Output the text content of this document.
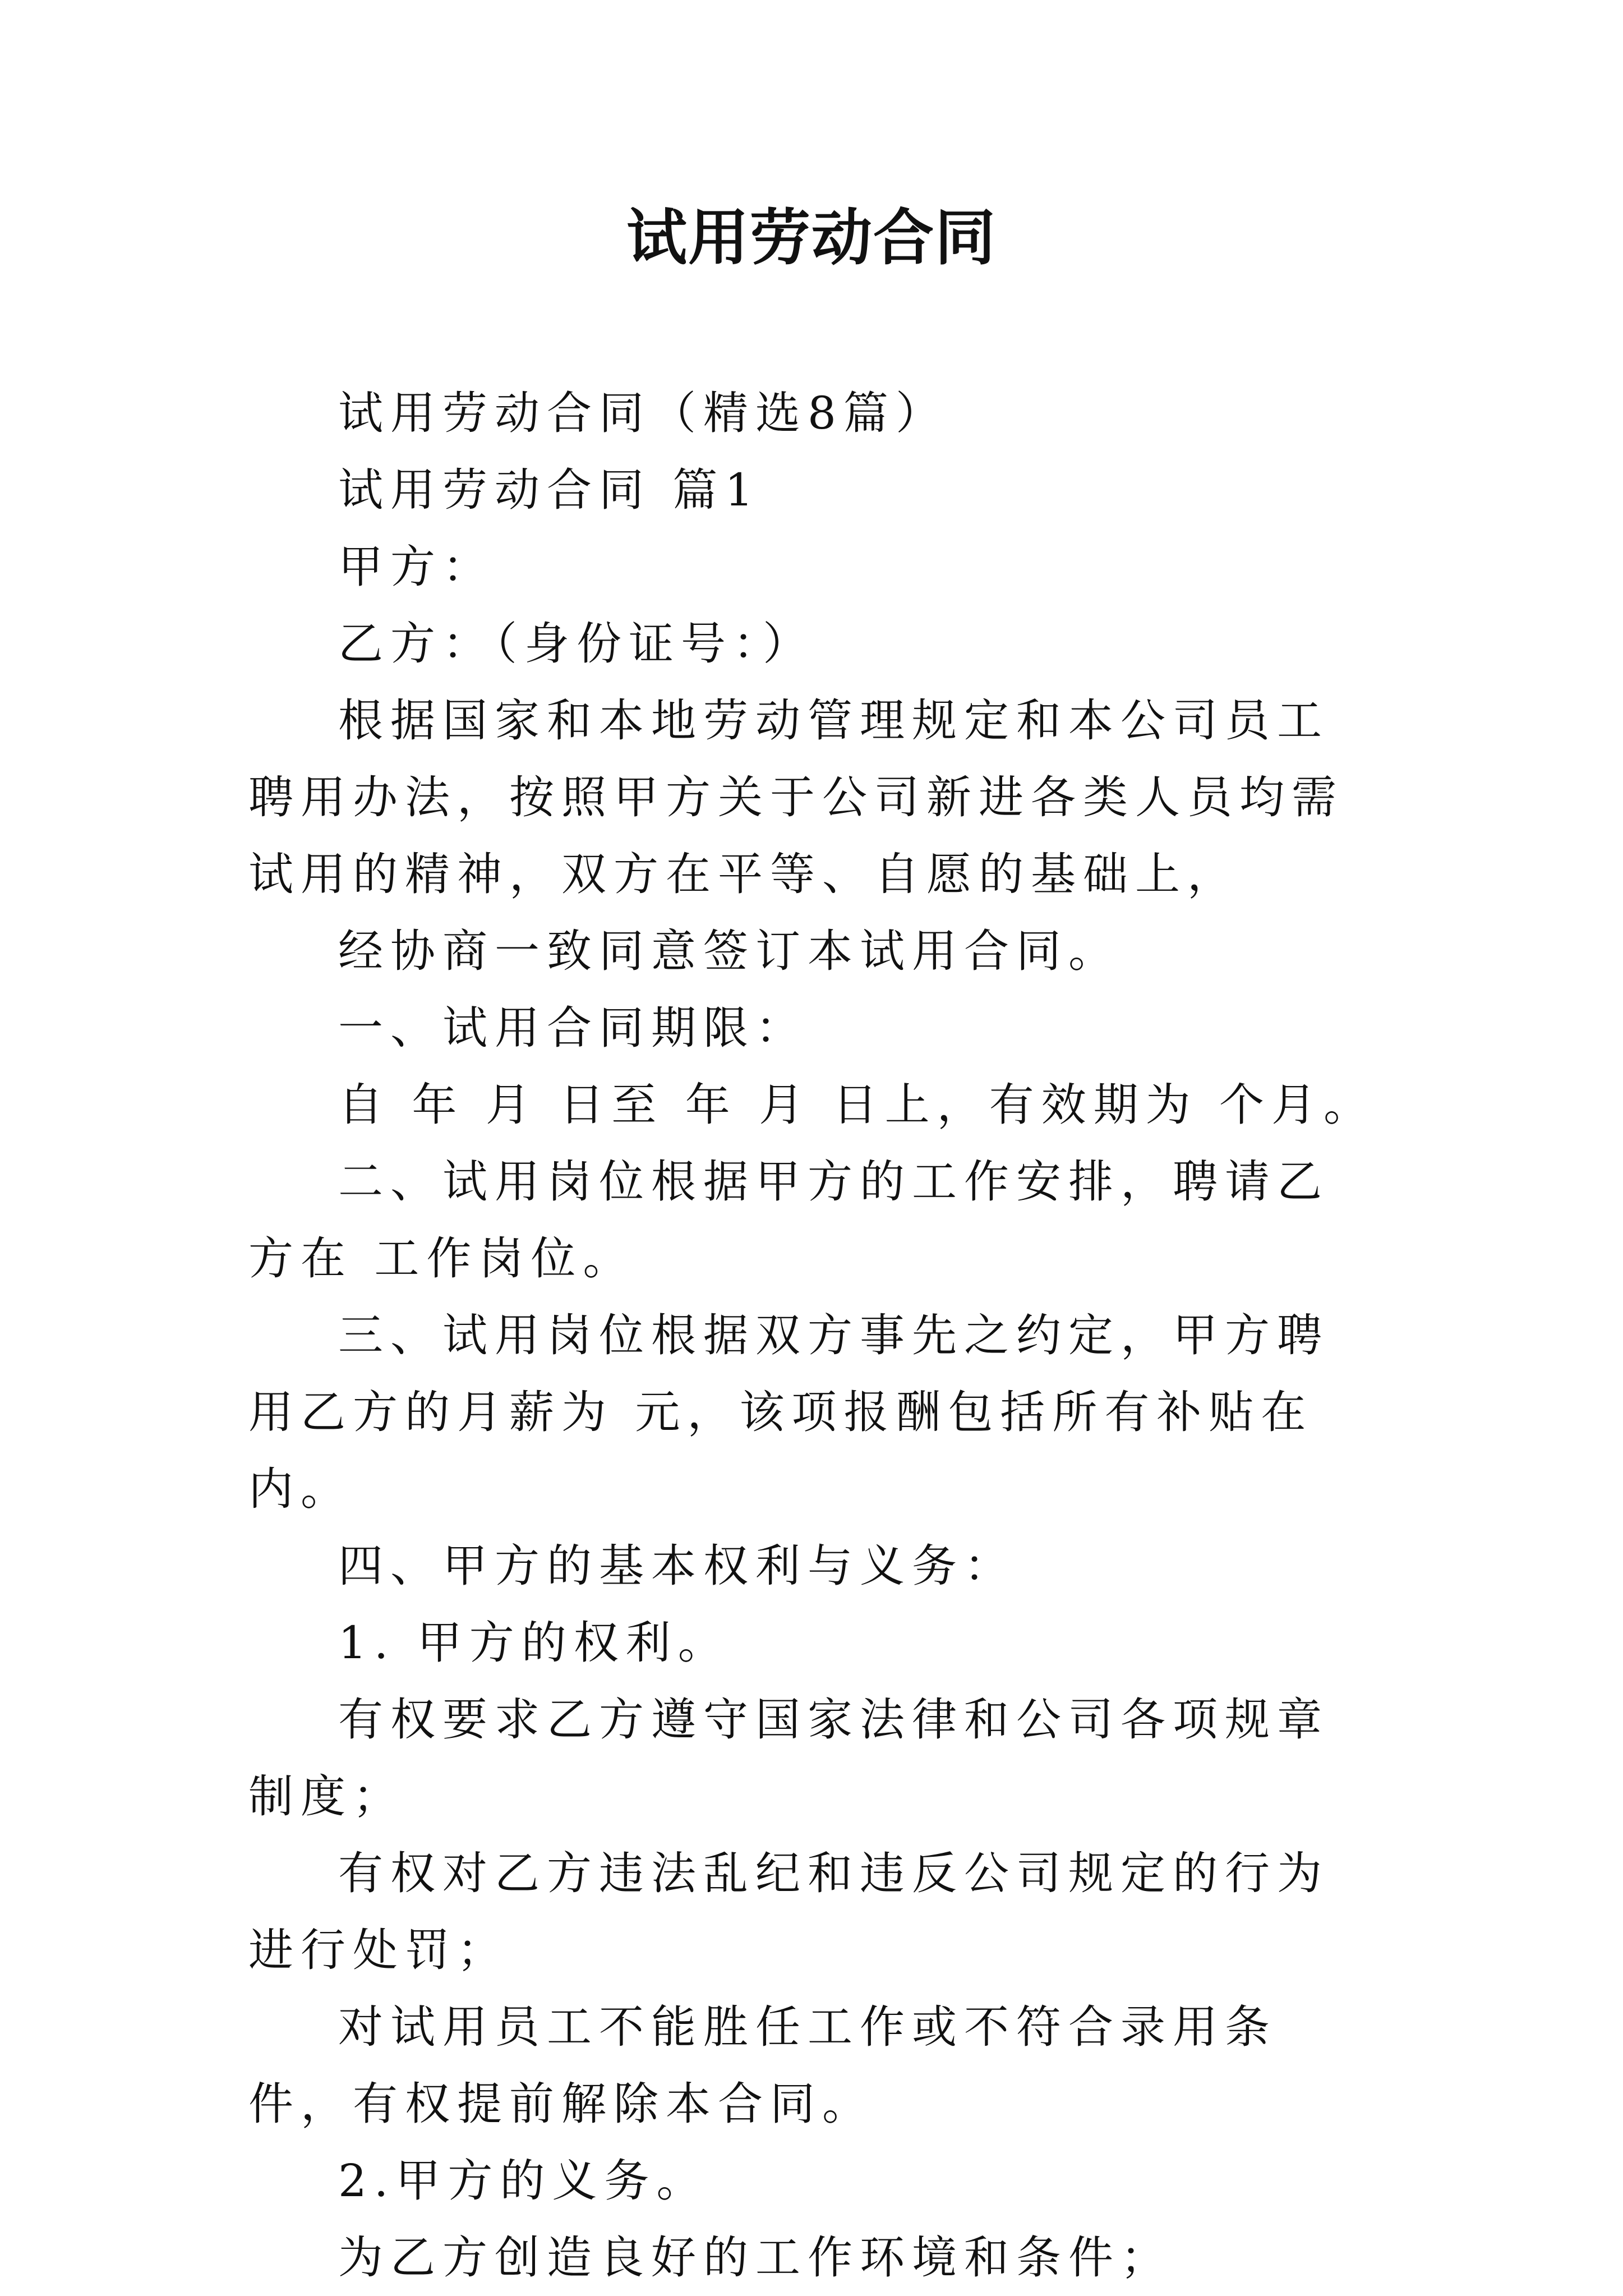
试用劳动合同

试用劳动合同（精选8篇）

试用劳动合同 篇1

甲方：

乙方：（身份证号：）

根据国家和本地劳动管理规定和本公司员工聘用办法，按照甲方关于公司新进各类人员均需试用的精神，双方在平等、自愿的基础上，

经协商一致同意签订本试用合同。

一、试用合同期限：

自 年 月 日至 年 月 日上，有效期为 个月。

二、试用岗位根据甲方的工作安排，聘请乙方在 工作岗位。

三、试用岗位根据双方事先之约定，甲方聘用乙方的月薪为 元，该项报酬包括所有补贴在内。

四、甲方的基本权利与义务：

1. 甲方的权利。

有权要求乙方遵守国家法律和公司各项规章制度；

有权对乙方违法乱纪和违反公司规定的行为进行处罚；

对试用员工不能胜任工作或不符合录用条件，有权提前解除本合同。

2.甲方的义务。

为乙方创造良好的工作环境和条件；
